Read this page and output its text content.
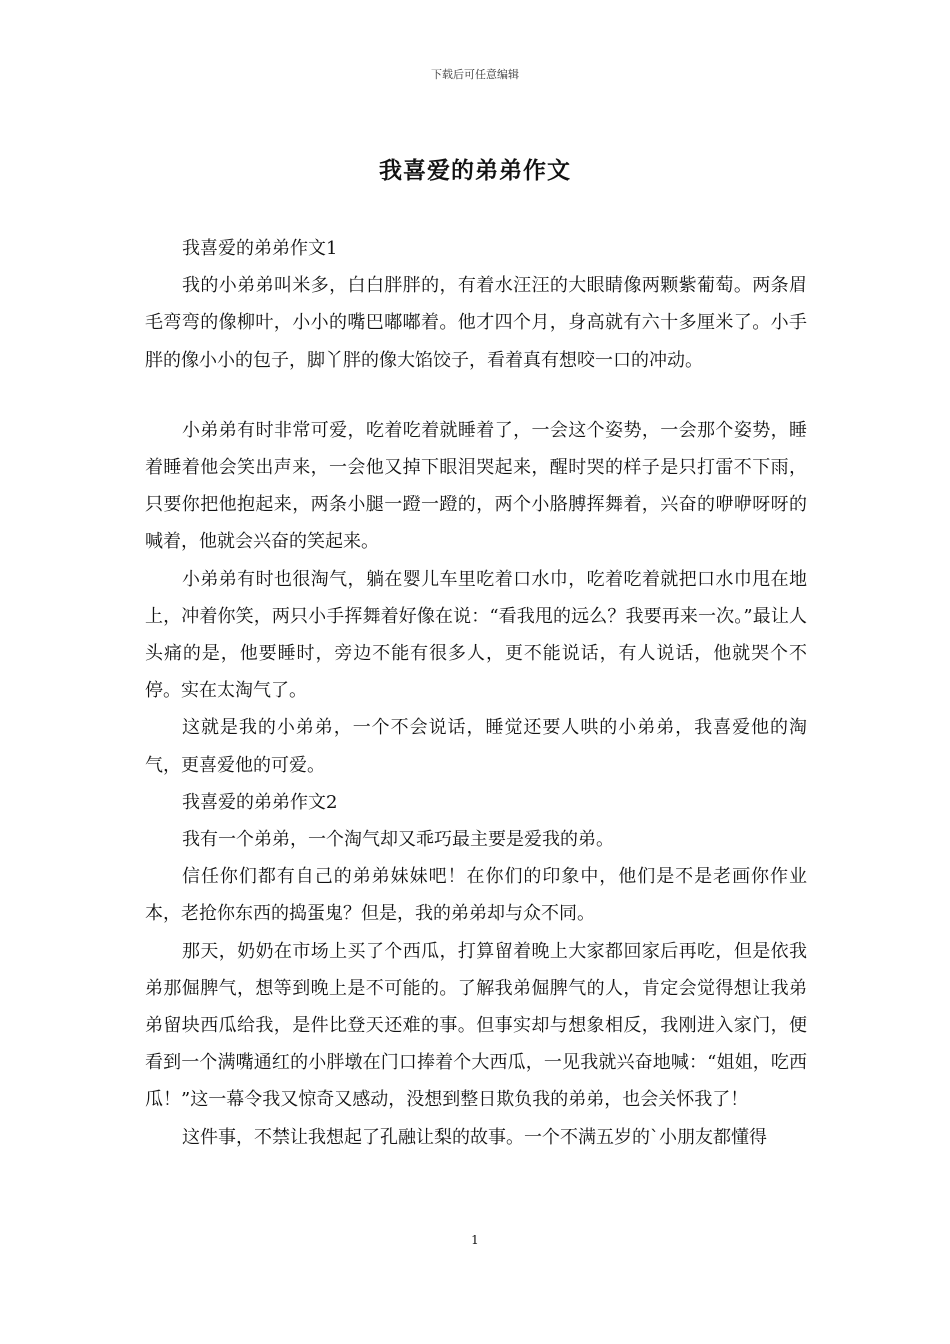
下载后可任意编辑
我喜爱的弟弟作文

我喜爱的弟弟作文1

我的小弟弟叫米多，白白胖胖的，有着水汪汪的大眼睛像两颗紫葡萄。两条眉毛弯弯的像柳叶，小小的嘴巴嘟嘟着。他才四个月，身高就有六十多厘米了。小手胖的像小小的包子，脚丫胖的像大馅饺子，看着真有想咬一口的冲动。

小弟弟有时非常可爱，吃着吃着就睡着了，一会这个姿势，一会那个姿势，睡着睡着他会笑出声来，一会他又掉下眼泪哭起来，醒时哭的样子是只打雷不下雨，只要你把他抱起来，两条小腿一蹬一蹬的，两个小胳膊挥舞着，兴奋的咿咿呀呀的喊着，他就会兴奋的笑起来。

小弟弟有时也很淘气，躺在婴儿车里吃着口水巾，吃着吃着就把口水巾甩在地上，冲着你笑，两只小手挥舞着好像在说：“看我甩的远么？我要再来一次。”最让人头痛的是，他要睡时，旁边不能有很多人，更不能说话，有人说话，他就哭个不停。实在太淘气了。

这就是我的小弟弟，一个不会说话，睡觉还要人哄的小弟弟，我喜爱他的淘气，更喜爱他的可爱。

我喜爱的弟弟作文2

我有一个弟弟，一个淘气却又乖巧最主要是爱我的弟。

信任你们都有自己的弟弟妹妹吧！在你们的印象中，他们是不是老画你作业本，老抢你东西的捣蛋鬼？但是，我的弟弟却与众不同。

那天，奶奶在市场上买了个西瓜，打算留着晚上大家都回家后再吃，但是依我弟那倔脾气，想等到晚上是不可能的。了解我弟倔脾气的人，肯定会觉得想让我弟弟留块西瓜给我，是件比登天还难的事。但事实却与想象相反，我刚进入家门，便看到一个满嘴通红的小胖墩在门口捧着个大西瓜，一见我就兴奋地喊：“姐姐，吃西瓜！”这一幕令我又惊奇又感动，没想到整日欺负我的弟弟，也会关怀我了！

这件事，不禁让我想起了孔融让梨的故事。一个不满五岁的`小朋友都懂得

1
